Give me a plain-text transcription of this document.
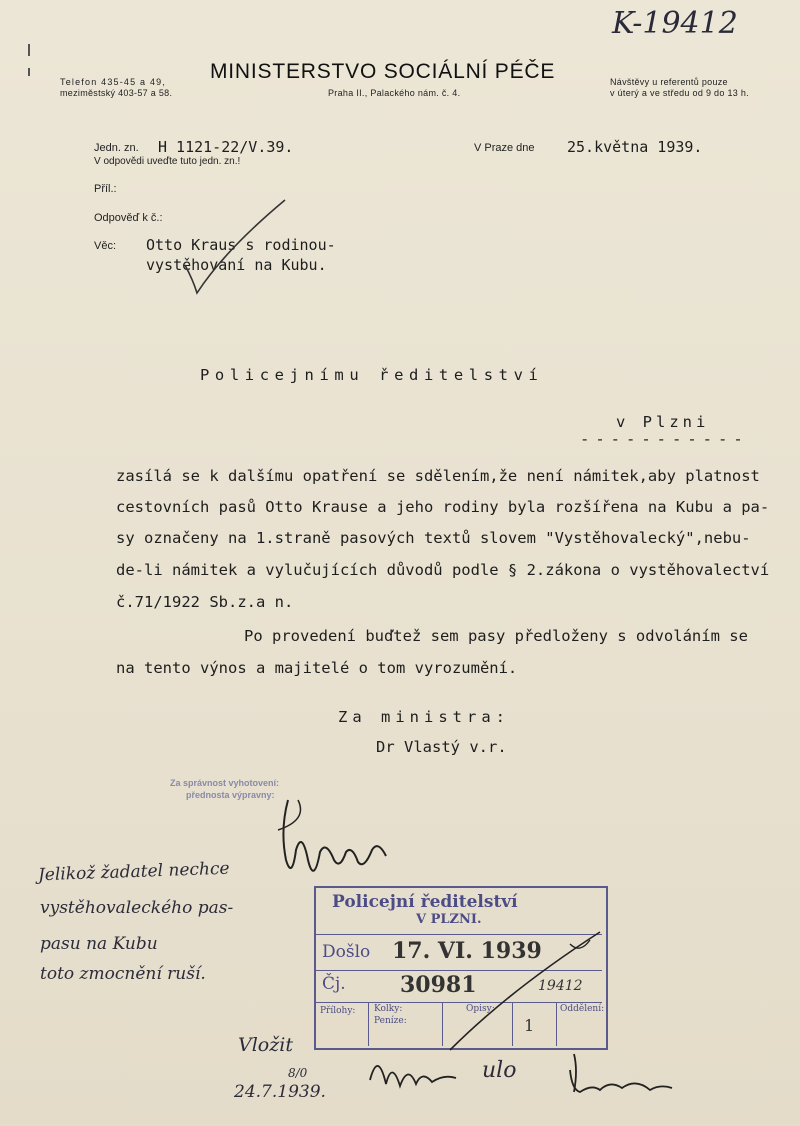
K-19412
Telefon 435-45 a 49,
meziměstský 403-57 a 58.
MINISTERSTVO SOCIÁLNÍ PÉČE
Praha II., Palackého nám. č. 4.
Návštěvy u referentů pouze
v úterý a ve středu od 9 do 13 h.
Jedn. zn. H 1121-22/V.39.
V odpovědi uveďte tuto jedn. zn.!
V Praze dne 25.května 1939.
Příl.:
Odpověď k č.:
Věc: Otto Kraus s rodinou-
vystěhování na Kubu.
Policejnímu ředitelství
v Plzni
-----------
zasílá se k dalšímu opatření se sdělením,že není námitek,aby platnost
cestovních pasů Otto Krause a jeho rodiny byla rozšířena na Kubu a pa-
sy označeny na 1.straně pasových textů slovem "Vystěhovalecký",nebu-
de-li námitek a vylučujících důvodů podle § 2.zákona o vystěhovalectví
č.71/1922 Sb.z.a n.
Po provedení buďtež sem pasy předloženy s odvoláním se
na tento výnos a majitelé o tom vyrozumění.
Za ministra:
Dr Vlastý v.r.
Za správnost vyhotovení:
přednosta výpravny:
Jelikož žadatel nechce
vystěhovaleckého pas-
pasu na Kubu
toto zmocnění ruší.
Policejní ředitelství
V PLZNI.
Došlo 17. VI. 1939
Čj. 30981	19412
Přílohy: Kolky:
Peníze:
Opisy:
1
Oddělení:
Vložit
8/0
24.7.1939.
ulo
